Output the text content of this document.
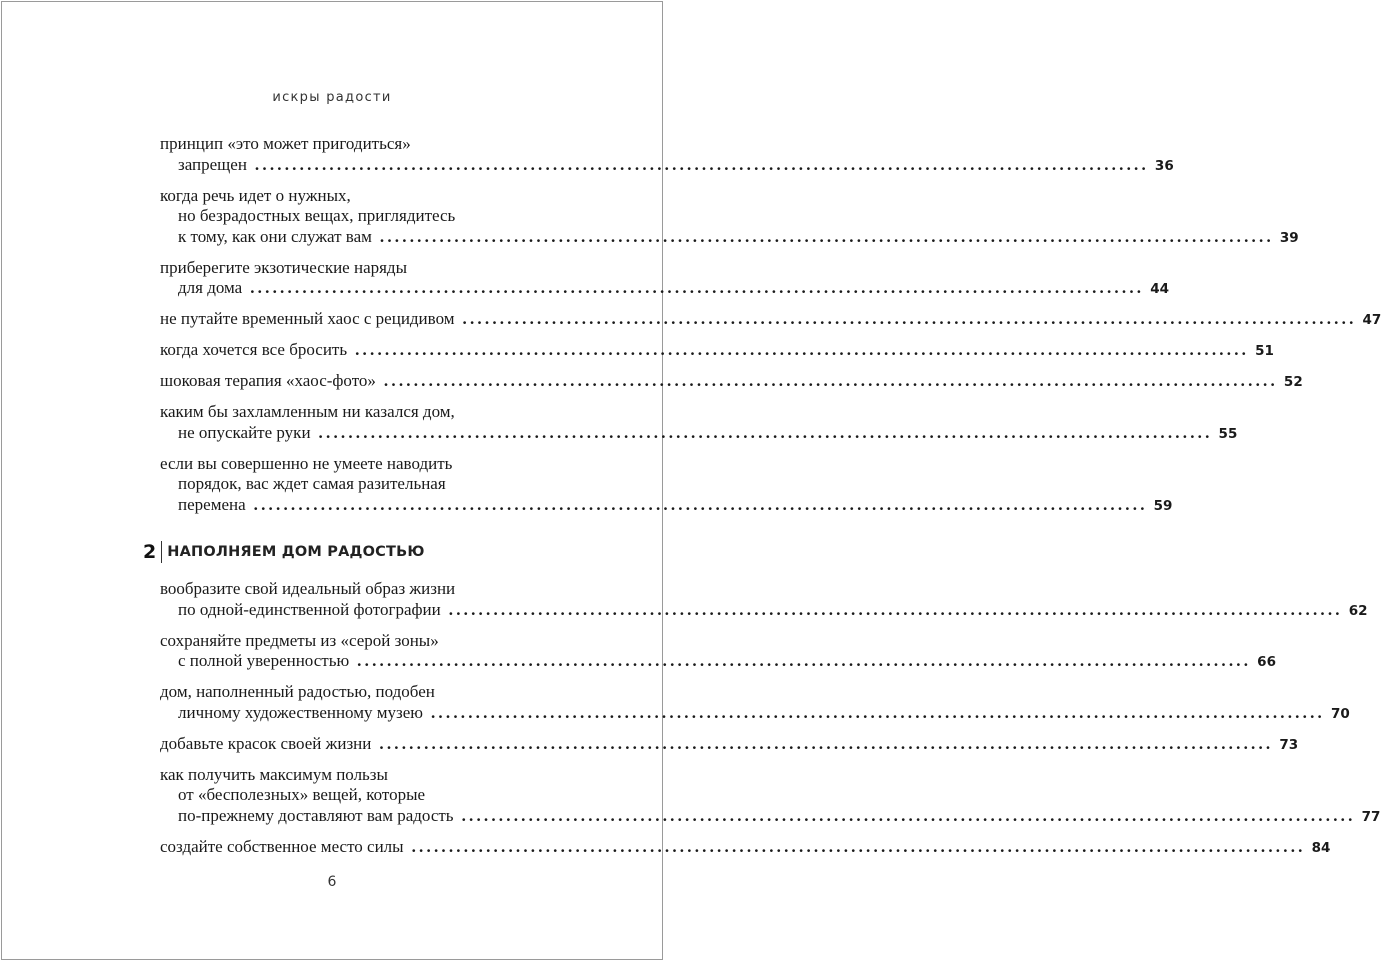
искры радости
принцип «это может пригодиться»
запрещен ........................................................................................................................ 36
когда речь идет о нужных,
но безрадостных вещах, приглядитесь
к тому, как они служат вам ........................................................................................................................ 39
приберегите экзотические наряды
для дома ........................................................................................................................ 44
не путайте временный хаос с рецидивом ........................................................................................................................ 47
когда хочется все бросить ........................................................................................................................ 51
шоковая терапия «хаос-фото» ........................................................................................................................ 52
каким бы захламленным ни казался дом,
не опускайте руки ........................................................................................................................ 55
если вы совершенно не умеете наводить
порядок, вас ждет самая разительная
перемена ........................................................................................................................ 59
2 НАПОЛНЯЕМ ДОМ РАДОСТЬЮ
вообразите свой идеальный образ жизни
по одной-единственной фотографии ........................................................................................................................ 62
сохраняйте предметы из «серой зоны»
с полной уверенностью ........................................................................................................................ 66
дом, наполненный радостью, подобен
личному художественному музею ........................................................................................................................ 70
добавьте красок своей жизни ........................................................................................................................ 73
как получить максимум пользы
от «бесполезных» вещей, которые
по-прежнему доставляют вам радость ........................................................................................................................ 77
создайте собственное место силы ........................................................................................................................ 84
6
